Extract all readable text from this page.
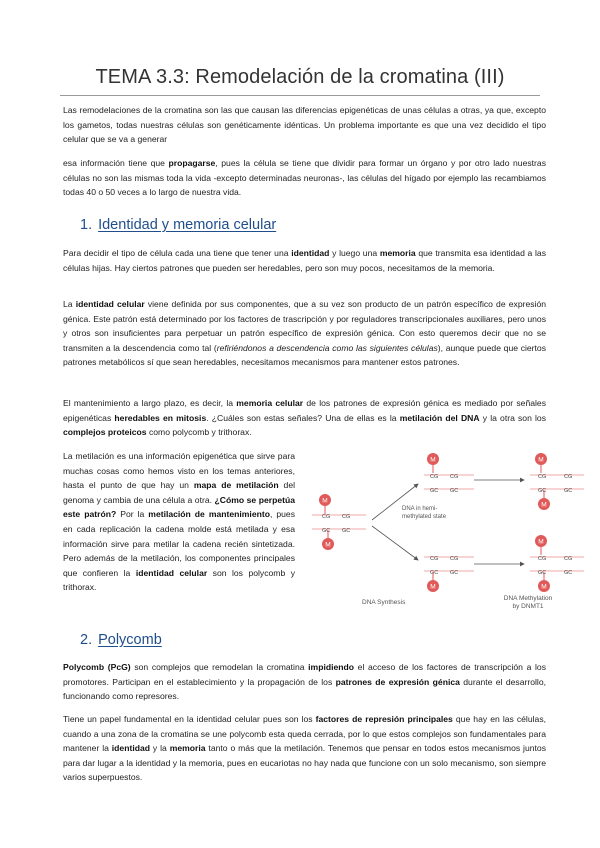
TEMA 3.3: Remodelación de la cromatina (III)

Las remodelaciones de la cromatina son las que causan las diferencias epigenéticas de unas células a otras, ya que, excepto los gametos, todas nuestras células son genéticamente idénticas. Un problema importante es que una vez decidido el tipo celular que se va a generar

esa información tiene que propagarse, pues la célula se tiene que dividir para formar un órgano y por otro lado nuestras células no son las mismas toda la vida -excepto determinadas neuronas-, las células del hígado por ejemplo las recambiamos todas 40 o 50 veces a lo largo de nuestra vida.

1. Identidad y memoria celular

Para decidir el tipo de célula cada una tiene que tener una identidad y luego una memoria que transmita esa identidad a las células hijas. Hay ciertos patrones que pueden ser heredables, pero son muy pocos, necesitamos de la memoria.

La identidad celular viene definida por sus componentes, que a su vez son producto de un patrón específico de expresión génica. Este patrón está determinado por los factores de trascripción y por reguladores transcripcionales auxiliares, pero unos y otros son insuficientes para perpetuar un patrón específico de expresión génica. Con esto queremos decir que no se transmiten a la descendencia como tal (refiriéndonos a descendencia como las siguientes células), aunque puede que ciertos patrones metabólicos sí que sean heredables, necesitamos mecanismos para mantener estos patrones.

El mantenimiento a largo plazo, es decir, la memoria celular de los patrones de expresión génica es mediado por señales epigenéticas heredables en mitosis. ¿Cuáles son estas señales? Una de ellas es la metilación del DNA y la otra son los complejos proteicos como polycomb y trithorax.

La metilación es una información epigenética que sirve para muchas cosas como hemos visto en los temas anteriores, hasta el punto de que hay un mapa de metilación del genoma y cambia de una célula a otra. ¿Cómo se perpetúa este patrón? Por la metilación de mantenimiento, pues en cada replicación la cadena molde está metilada y esa información sirve para metilar la cadena recién sintetizada. Pero además de la metilación, los componentes principales que confieren la identidad celular son los polycomb y trithorax.

CG CG
GC GC
M
M
CG CG
GC GC
M
CG CG
GC GC
M
CG	CG
GC	GC
M
M
CG	CG
GC	GC
M
M
DNA in hemi-
methylated state
DNA Synthesis
DNA Methylation
by DNMT1
2. Polycomb

Polycomb (PcG) son complejos que remodelan la cromatina impidiendo el acceso de los factores de transcripción a los promotores. Participan en el establecimiento y la propagación de los patrones de expresión génica durante el desarrollo, funcionando como represores.

Tiene un papel fundamental en la identidad celular pues son los factores de represión principales que hay en las células, cuando a una zona de la cromatina se une polycomb esta queda cerrada, por lo que estos complejos son fundamentales para mantener la identidad y la memoria tanto o más que la metilación. Tenemos que pensar en todos estos mecanismos juntos para dar lugar a la identidad y la memoria, pues en eucariotas no hay nada que funcione con un solo mecanismo, son siempre varios superpuestos.
